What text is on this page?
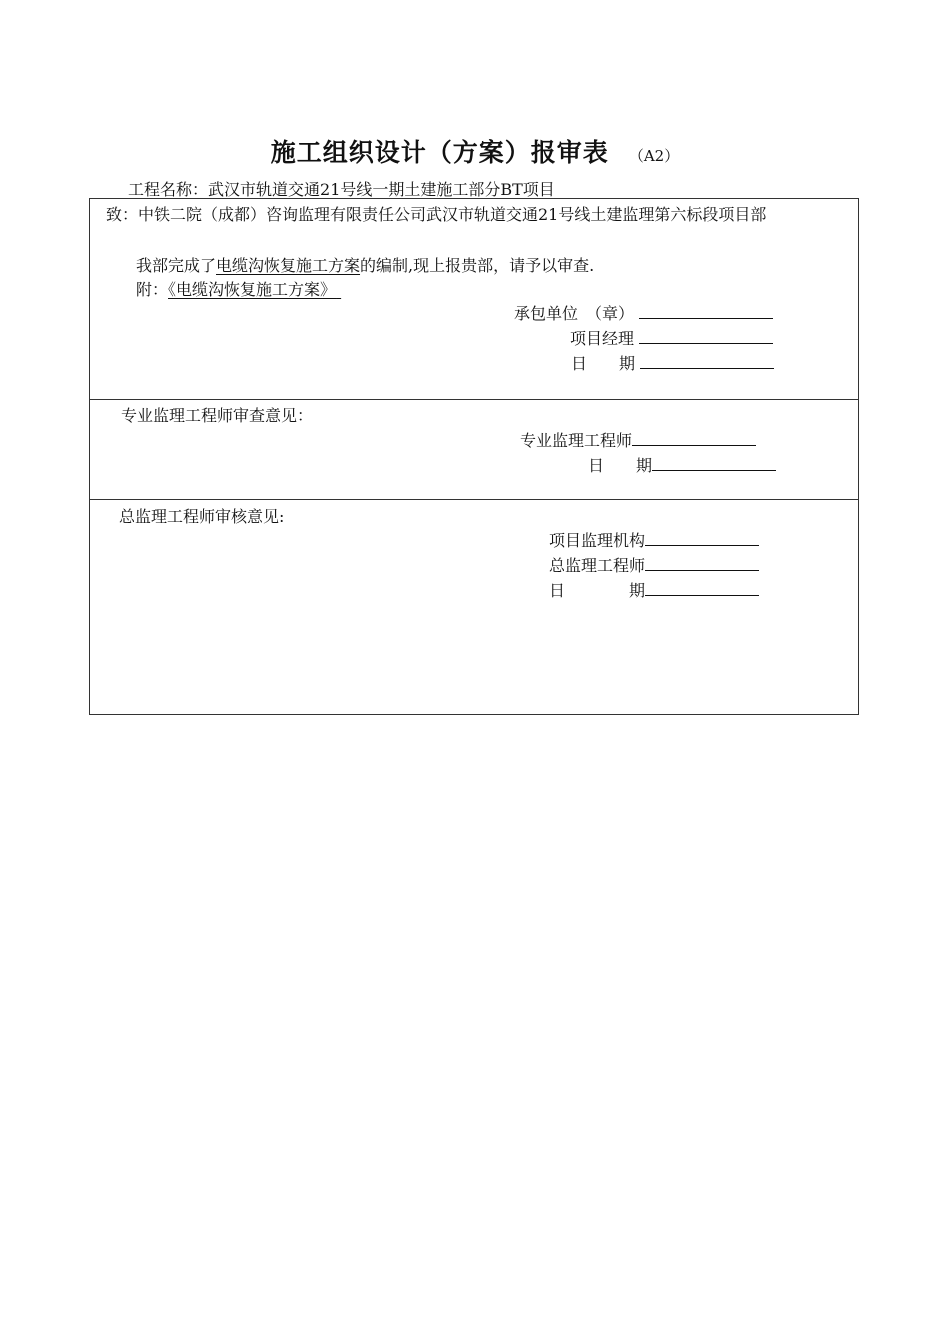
施工组织设计（方案）报审表 （A2）
工程名称：武汉市轨道交通21号线一期土建施工部分BT项目
致：中铁二院（成都）咨询监理有限责任公司武汉市轨道交通21号线土建监理第六标段项目部
我部完成了电缆沟恢复施工方案的编制,现上报贵部，请予以审查.
附：《电缆沟恢复施工方案》
承包单位　（章）
项目经理
日　　期
专业监理工程师审查意见：
专业监理工程师
日　　期
总监理工程师审核意见:
项目监理机构
总监理工程师
日　　　　期
